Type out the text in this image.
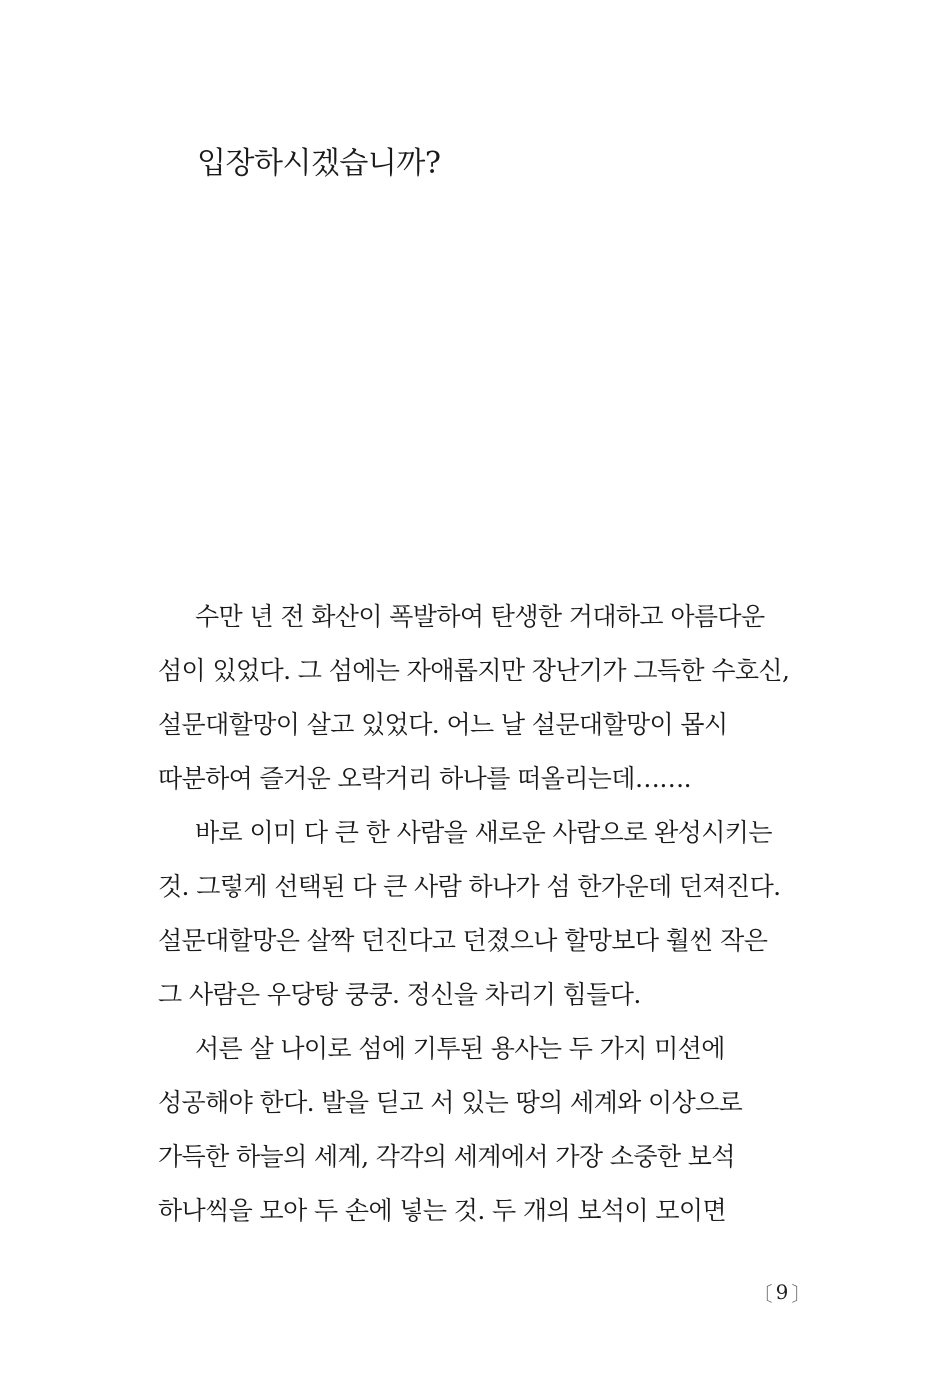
입장하시겠습니까?
수만 년 전 화산이 폭발하여 탄생한 거대하고 아름다운
섬이 있었다. 그 섬에는 자애롭지만 장난기가 그득한 수호신,
설문대할망이 살고 있었다. 어느 날 설문대할망이 몹시
따분하여 즐거운 오락거리 하나를 떠올리는데…….
바로 이미 다 큰 한 사람을 새로운 사람으로 완성시키는
것. 그렇게 선택된 다 큰 사람 하나가 섬 한가운데 던져진다.
설문대할망은 살짝 던진다고 던졌으나 할망보다 훨씬 작은
그 사람은 우당탕 쿵쿵. 정신을 차리기 힘들다.
서른 살 나이로 섬에 기투된 용사는 두 가지 미션에
성공해야 한다. 발을 딛고 서 있는 땅의 세계와 이상으로
가득한 하늘의 세계, 각각의 세계에서 가장 소중한 보석
하나씩을 모아 두 손에 넣는 것. 두 개의 보석이 모이면
〔 9 〕
